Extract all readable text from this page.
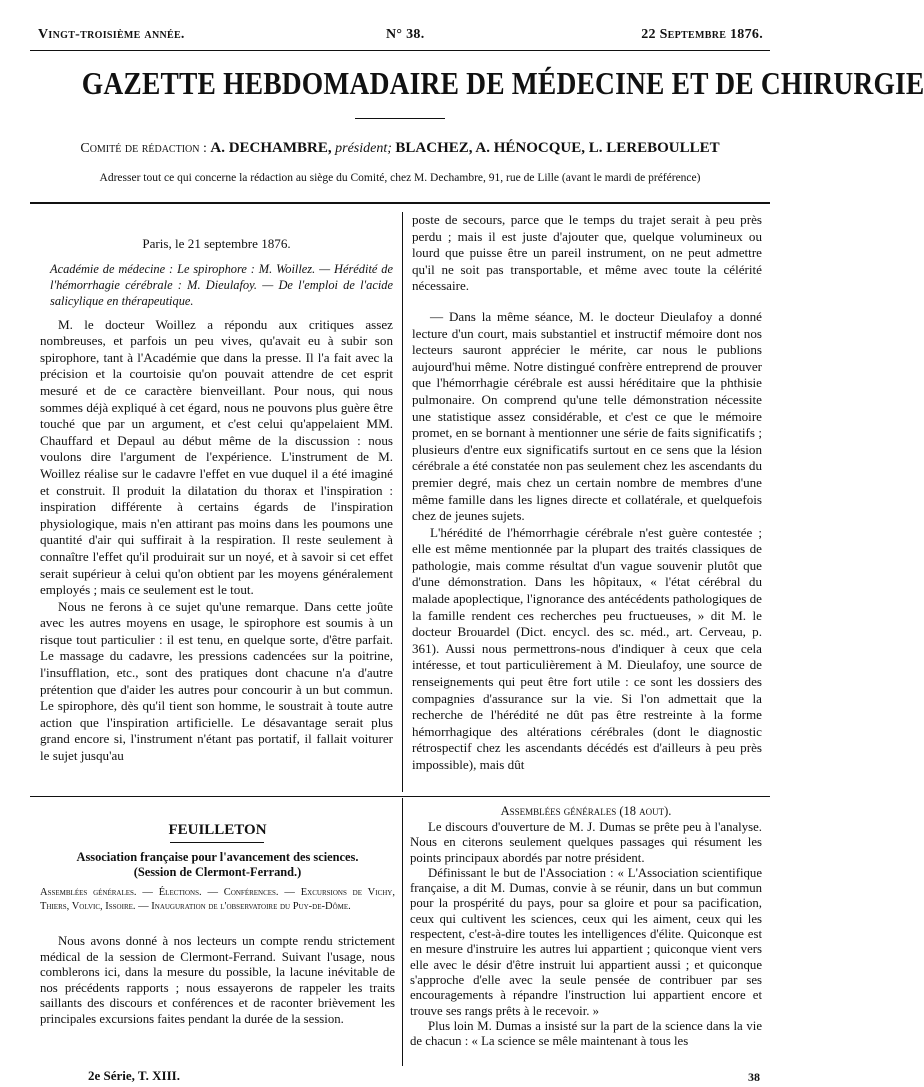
Vingt-troisième année.	N° 38.	22 Septembre 1876.
GAZETTE HEBDOMADAIRE DE MÉDECINE ET DE CHIRURGIE
Comité de rédaction : A. DECHAMBRE, président; BLACHEZ, A. HÉNOCQUE, L. LEREBOULLET
Adresser tout ce qui concerne la rédaction au siège du Comité, chez M. Dechambre, 91, rue de Lille (avant le mardi de préférence)

Paris, le 21 septembre 1876.

Académie de médecine : Le spirophore : M. Woillez. — Hérédité de l'hémorrhagie cérébrale : M. Dieulafoy. — De l'emploi de l'acide salicylique en thérapeutique.

M. le docteur Woillez a répondu aux critiques assez nombreuses, et parfois un peu vives, qu'avait eu à subir son spirophore, tant à l'Académie que dans la presse. Il l'a fait avec la précision et la courtoisie qu'on pouvait attendre de cet esprit mesuré et de ce caractère bienveillant. Pour nous, qui nous sommes déjà expliqué à cet égard, nous ne pouvons plus guère être touché que par un argument, et c'est celui qu'appelaient MM. Chauffard et Depaul au début même de la discussion : nous voulons dire l'argument de l'expérience. L'instrument de M. Woillez réalise sur le cadavre l'effet en vue duquel il a été imaginé et construit. Il produit la dilatation du thorax et l'inspiration : inspiration différente à certains égards de l'inspiration physiologique, mais n'en attirant pas moins dans les poumons une quantité d'air qui suffirait à la respiration. Il reste seulement à connaître l'effet qu'il produirait sur un noyé, et à savoir si cet effet serait supérieur à celui qu'on obtient par les moyens généralement employés ; mais ce seulement est le tout.

Nous ne ferons à ce sujet qu'une remarque. Dans cette joûte avec les autres moyens en usage, le spirophore est soumis à un risque tout particulier : il est tenu, en quelque sorte, d'être parfait. Le massage du cadavre, les pressions cadencées sur la poitrine, l'insufflation, etc., sont des pratiques dont chacune n'a d'autre prétention que d'aider les autres pour concourir à un but commun. Le spirophore, dès qu'il tient son homme, le soustrait à toute autre action que l'inspiration artificielle. Le désavantage serait plus grand encore si, l'instrument n'étant pas portatif, il fallait voiturer le sujet jusqu'au

poste de secours, parce que le temps du trajet serait à peu près perdu ; mais il est juste d'ajouter que, quelque volumineux ou lourd que puisse être un pareil instrument, on ne peut admettre qu'il ne soit pas transportable, et même avec toute la célérité nécessaire.

— Dans la même séance, M. le docteur Dieulafoy a donné lecture d'un court, mais substantiel et instructif mémoire dont nos lecteurs sauront apprécier le mérite, car nous le publions aujourd'hui même. Notre distingué confrère entreprend de prouver que l'hémorrhagie cérébrale est aussi héréditaire que la phthisie pulmonaire. On comprend qu'une telle démonstration nécessite une statistique assez considérable, et c'est ce que le mémoire promet, en se bornant à mentionner une série de faits significatifs ; plusieurs d'entre eux significatifs surtout en ce sens que la lésion cérébrale a été constatée non pas seulement chez les ascendants du premier degré, mais chez un certain nombre de membres d'une même famille dans les lignes directe et collatérale, et quelquefois chez de jeunes sujets.

L'hérédité de l'hémorrhagie cérébrale n'est guère contestée ; elle est même mentionnée par la plupart des traités classiques de pathologie, mais comme résultat d'un vague souvenir plutôt que d'une démonstration. Dans les hôpitaux, « l'état cérébral du malade apoplectique, l'ignorance des antécédents pathologiques de la famille rendent ces recherches peu fructueuses, » dit M. le docteur Brouardel (Dict. encycl. des sc. méd., art. Cerveau, p. 361). Aussi nous permettrons-nous d'indiquer à ceux que cela intéresse, et tout particulièrement à M. Dieulafoy, une source de renseignements qui peut être fort utile : ce sont les dossiers des compagnies d'assurance sur la vie. Si l'on admettait que la recherche de l'hérédité ne dût pas être restreinte à la forme hémorrhagique des altérations cérébrales (dont le diagnostic rétrospectif chez les ascendants décédés est d'ailleurs à peu près impossible), mais dût

FEUILLETON
Association française pour l'avancement des sciences.
(Session de Clermont-Ferrand.)
Assemblées générales. — Élections. — Conférences. — Excursions de Vichy, Thiers, Volvic, Issoire. — Inauguration de l'observatoire du Puy-de-Dôme.

Nous avons donné à nos lecteurs un compte rendu strictement médical de la session de Clermont-Ferrand. Suivant l'usage, nous comblerons ici, dans la mesure du possible, la lacune inévitable de nos précédents rapports ; nous essayerons de rappeler les traits saillants des discours et conférences et de raconter brièvement les principales excursions faites pendant la durée de la session.

Assemblées générales (18 aout).

Le discours d'ouverture de M. J. Dumas se prête peu à l'analyse. Nous en citerons seulement quelques passages qui résument les points principaux abordés par notre président.

Définissant le but de l'Association : « L'Association scientifique française, a dit M. Dumas, convie à se réunir, dans un but commun pour la prospérité du pays, pour sa gloire et pour sa pacification, ceux qui cultivent les sciences, ceux qui les aiment, ceux qui les respectent, c'est-à-dire toutes les intelligences d'élite. Quiconque est en mesure d'instruire les autres lui appartient ; quiconque vient vers elle avec le désir d'être instruit lui appartient aussi ; et quiconque s'approche d'elle avec la seule pensée de contribuer par ses encouragements à répandre l'instruction lui appartient encore et trouve ses rangs prêts à le recevoir. »

Plus loin M. Dumas a insisté sur la part de la science dans la vie de chacun : « La science se mêle maintenant à tous les

2e Série, T. XIII.	38
